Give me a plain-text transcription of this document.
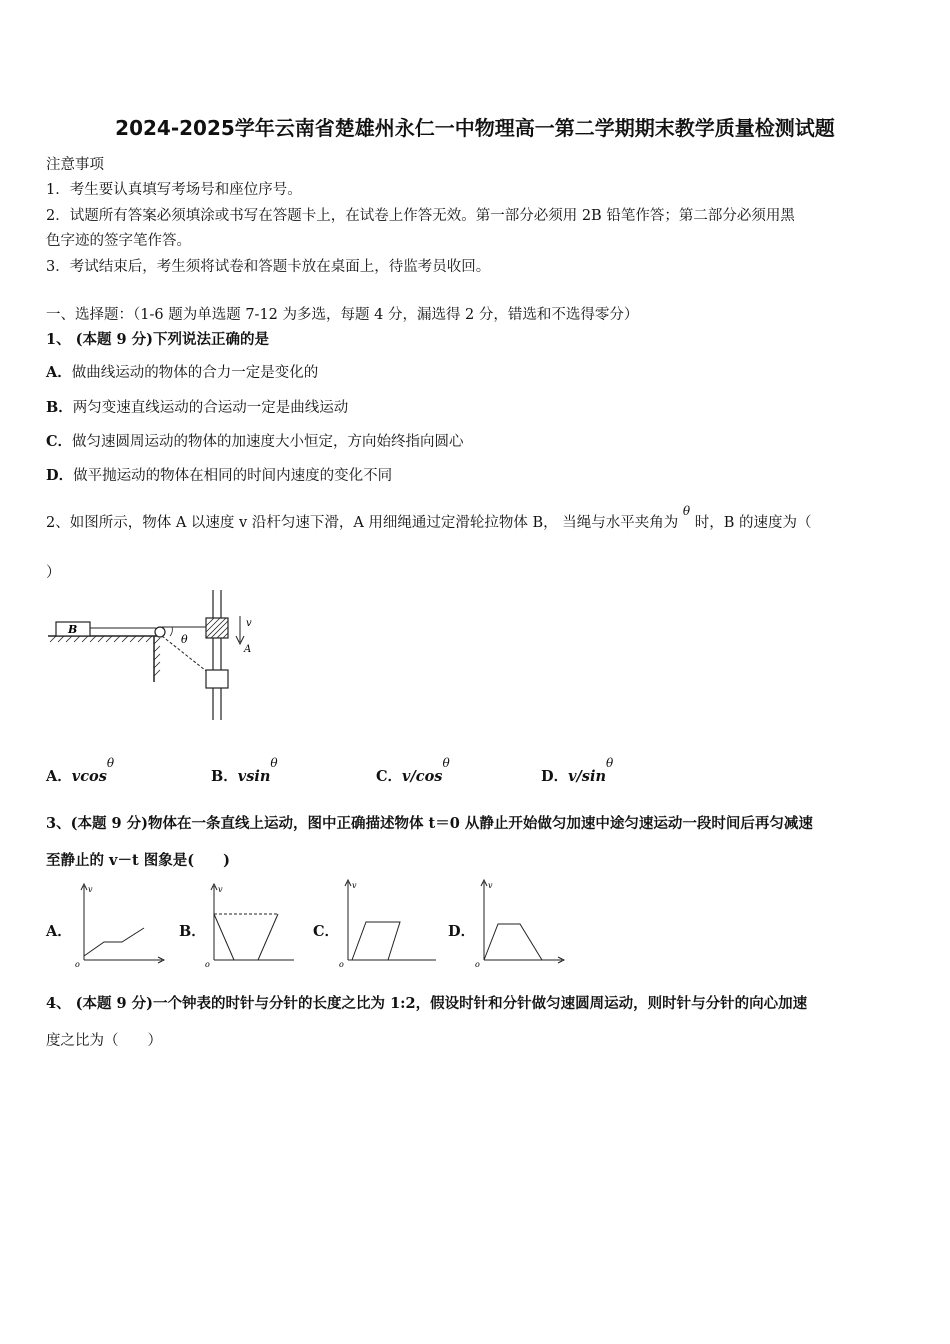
2024-2025学年云南省楚雄州永仁一中物理高一第二学期期末教学质量检测试题
注意事项
1．考生要认真填写考场号和座位序号。
2．试题所有答案必须填涂或书写在答题卡上，在试卷上作答无效。第一部分必须用 2B 铅笔作答；第二部分必须用黑
色字迹的签字笔作答。
3．考试结束后，考生须将试卷和答题卡放在桌面上，待监考员收回。
一、选择题：（1-6 题为单选题 7-12 为多选，每题 4 分，漏选得 2 分，错选和不选得零分）
1、 (本题 9 分)下列说法正确的是
A．做曲线运动的物体的合力一定是变化的
B．两匀变速直线运动的合运动一定是曲线运动
C．做匀速圆周运动的物体的加速度大小恒定，方向始终指向圆心
D．做平抛运动的物体在相同的时间内速度的变化不同
2、如图所示，物体 A 以速度 v 沿杆匀速下滑，A 用细绳通过定滑轮拉物体 B， 当绳与水平夹角为 $^\theta$ 时，B 的速度为（
）
B
θ
v
A
A．vcos$^\theta$
B．vsin$^\theta$
C．$v/\cos^\theta$
D．$v/\sin^\theta$
3、(本题 9 分)物体在一条直线上运动，图中正确描述物体 t＝0 从静止开始做匀加速中途匀速运动一段时间后再匀减速
至静止的 v－t 图象是(　　)
A．
v
o
B．
v
o
C．
v
o
D．
v
o
4、 (本题 9 分)一个钟表的时针与分针的长度之比为 1:2，假设时针和分针做匀速圆周运动，则时针与分针的向心加速
度之比为（　　）
